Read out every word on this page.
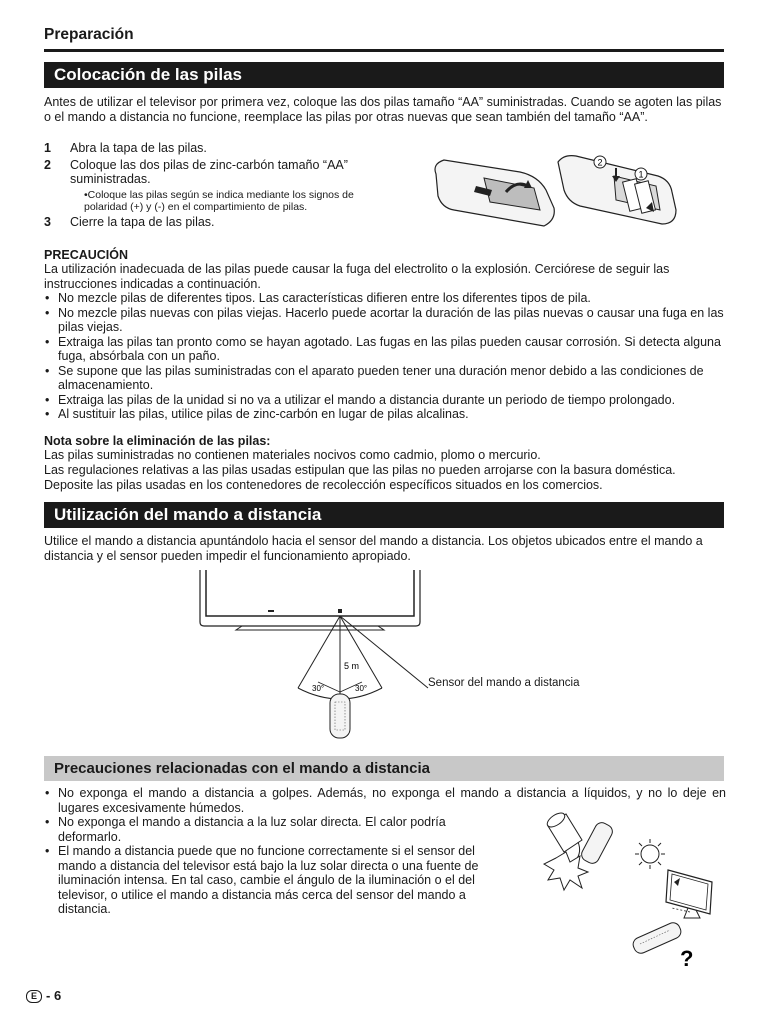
Preparación
Colocación de las pilas
Antes de utilizar el televisor por primera vez, coloque las dos pilas tamaño “AA” suministradas. Cuando se agoten las pilas o el mando a distancia no funcione, reemplace las pilas por otras nuevas que sean también del tamaño “AA”.
1 Abra la tapa de las pilas.
2	Coloque las dos pilas de zinc-carbón tamaño “AA” suministradas.
•Coloque las pilas según se indica mediante los signos de polaridad (+) y (-) en el compartimiento de pilas.
3 Cierre la tapa de las pilas.
2
1
PRECAUCIÓN
La utilización inadecuada de las pilas puede causar la fuga del electrolito o la explosión. Cerciórese de seguir las instrucciones indicadas a continuación.
• No mezcle pilas de diferentes tipos. Las características difieren entre los diferentes tipos de pila.
• No mezcle pilas nuevas con pilas viejas. Hacerlo puede acortar la duración de las pilas nuevas o causar una fuga en las pilas viejas.
• Extraiga las pilas tan pronto como se hayan agotado. Las fugas en las pilas pueden causar corrosión. Si detecta alguna fuga, absórbala con un paño.
• Se supone que las pilas suministradas con el aparato pueden tener una duración menor debido a las condiciones de almacenamiento.
• Extraiga las pilas de la unidad si no va a utilizar el mando a distancia durante un periodo de tiempo prolongado.
• Al sustituir las pilas, utilice pilas de zinc-carbón en lugar de pilas alcalinas.
Nota sobre la eliminación de las pilas:
Las pilas suministradas no contienen materiales nocivos como cadmio, plomo o mercurio.
Las regulaciones relativas a las pilas usadas estipulan que las pilas no pueden arrojarse con la basura doméstica.
Deposite las pilas usadas en los contenedores de recolección específicos situados en los comercios.
Utilización del mando a distancia
Utilice el mando a distancia apuntándolo hacia el sensor del mando a distancia. Los objetos ubicados entre el mando a distancia y el sensor pueden impedir el funcionamiento apropiado.
5 m
30°	30°	Sensor del mando a distancia
Precauciones relacionadas con el mando a distancia
• No exponga el mando a distancia a golpes. Además, no exponga el mando a distancia a líquidos, y no lo deje en lugares excesivamente húmedos.
• No exponga el mando a distancia a la luz solar directa. El calor podría deformarlo.
• El mando a distancia puede que no funcione correctamente si el sensor del mando a distancia del televisor está bajo la luz solar directa o una fuente de iluminación intensa. En tal caso, cambie el ángulo de la iluminación o el del televisor, o utilice el mando a distancia más cerca del sensor del mando a distancia.
?
E - 6
